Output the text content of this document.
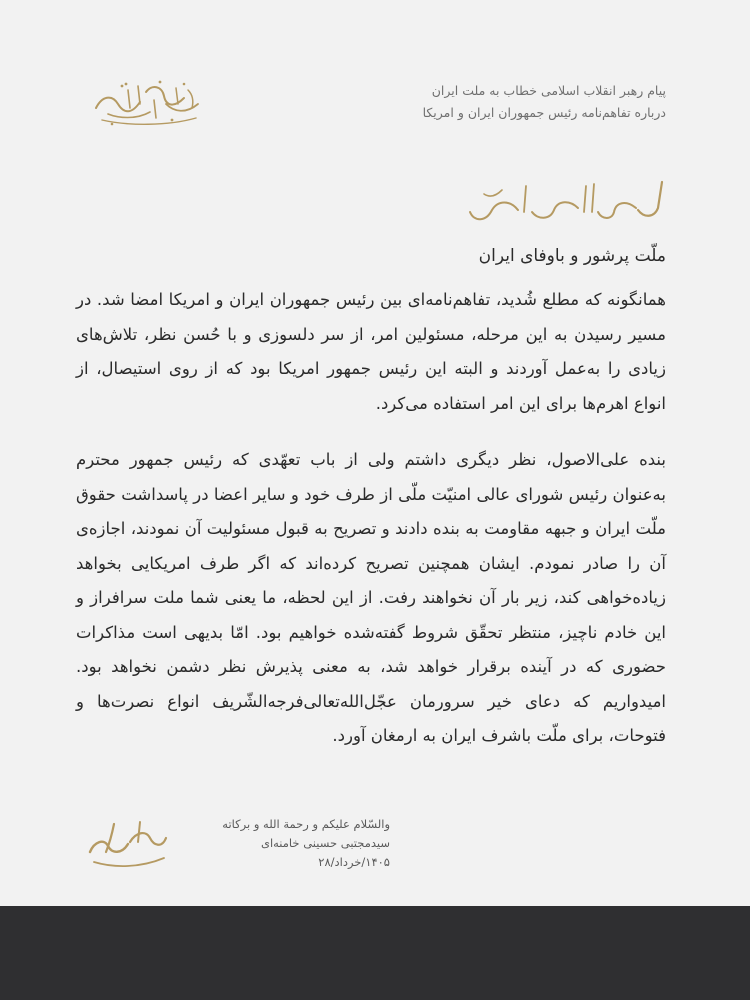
پیام رهبر انقلاب اسلامی خطاب به ملت ایران
درباره تفاهم‌نامه رئیس جمهوران ایران و امریکا
ملّت پرشور و باوفای ایران
همانگونه که مطلع شُدید، تفاهم‌نامه‌ای بین رئیس جمهوران ایران و امریکا امضا شد. در مسیر رسیدن به این مرحله، مسئولین امر، از سر دلسوزی و با حُسن نظر، تلاش‌های زیادی را به‌عمل آوردند و البته این رئیس جمهور امریکا بود که از روی استیصال، از انواع اهرم‌ها برای این امر استفاده می‌کرد.
بنده علی‌الاصول، نظر دیگری داشتم ولی از باب تعهّدی که رئیس جمهور محترم به‌عنوان رئیس شورای عالی امنیّت ملّی از طرف خود و سایر اعضا در پاسداشت حقوق ملّت ایران و جبهه مقاومت به بنده دادند و تصریح به قبول مسئولیت آن نمودند، اجازه‌ی آن را صادر نمودم. ایشان همچنین تصریح کرده‌اند که اگر طرف امریکایی بخواهد زیاده‌خواهی کند، زیر بار آن نخواهند رفت. از این لحظه، ما یعنی شما ملت سرافراز و این خادم ناچیز، منتظر تحقّق شروط گفته‌شده خواهیم بود. امّا بدیهی است مذاکرات حضوری که در آینده برقرار خواهد شد، به معنی پذیرش نظر دشمن نخواهد بود. امیدواریم که دعای خیر سرورمان عجّل‌الله‌تعالی‌فرجه‌الشّریف انواع نصرت‌ها و فتوحات، برای ملّت باشرف ایران به ارمغان آورد.
والسّلام علیکم و رحمة الله و برکاته
سیدمجتبی حسینی خامنه‌ای
۱۴۰۵/خرداد/۲۸
